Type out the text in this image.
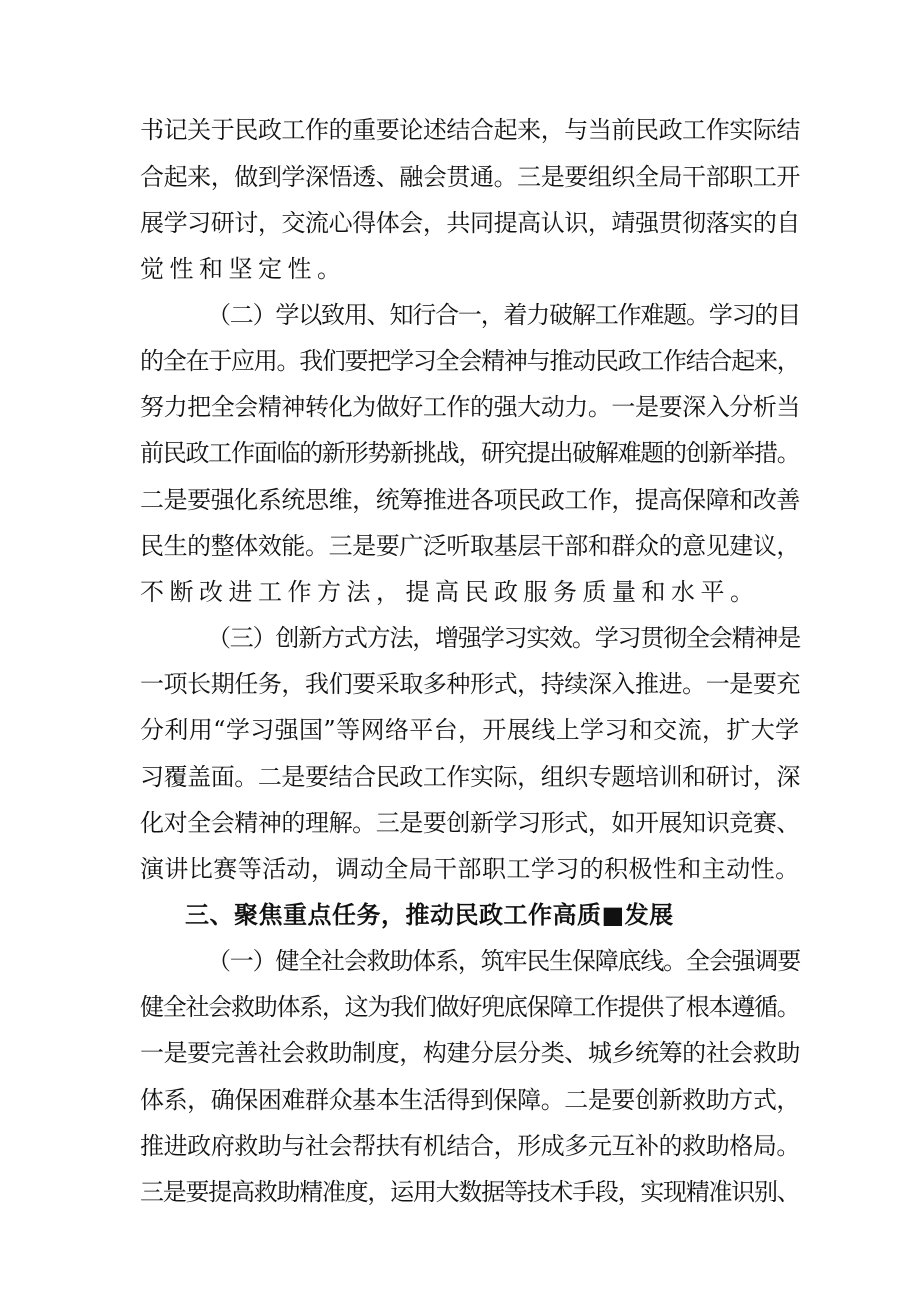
书记关于民政工作的重要论述结合起来，与当前民政工作实际结
合起来，做到学深悟透、融会贯通。三是要组织全局干部职工开
展学习研讨，交流心得体会，共同提高认识，靖强贯彻落实的自
觉性和坚定性。
（二）学以致用、知行合一，着力破解工作难题。学习的目
的全在于应用。我们要把学习全会精神与推动民政工作结合起来，
努力把全会精神转化为做好工作的强大动力。一是要深入分析当
前民政工作面临的新形势新挑战，研究提出破解难题的创新举措。
二是要强化系统思维，统筹推进各项民政工作，提高保障和改善
民生的整体效能。三是要广泛听取基层干部和群众的意见建议，
不断改进工作方法，提高民政服务质量和水平。
（三）创新方式方法，增强学习实效。学习贯彻全会精神是
一项长期任务，我们要采取多种形式，持续深入推进。一是要充
分利用“学习强国”等网络平台，开展线上学习和交流，扩大学
习覆盖面。二是要结合民政工作实际，组织专题培训和研讨，深
化对全会精神的理解。三是要创新学习形式，如开展知识竞赛、
演讲比赛等活动，调动全局干部职工学习的积极性和主动性。
三、聚焦重点任务，推动民政工作高质■发展
（一）健全社会救助体系，筑牢民生保障底线。全会强调要
健全社会救助体系，这为我们做好兜底保障工作提供了根本遵循。
一是要完善社会救助制度，构建分层分类、城乡统筹的社会救助
体系，确保困难群众基本生活得到保障。二是要创新救助方式，
推进政府救助与社会帮扶有机结合，形成多元互补的救助格局。
三是要提高救助精准度，运用大数据等技术手段，实现精准识别、
